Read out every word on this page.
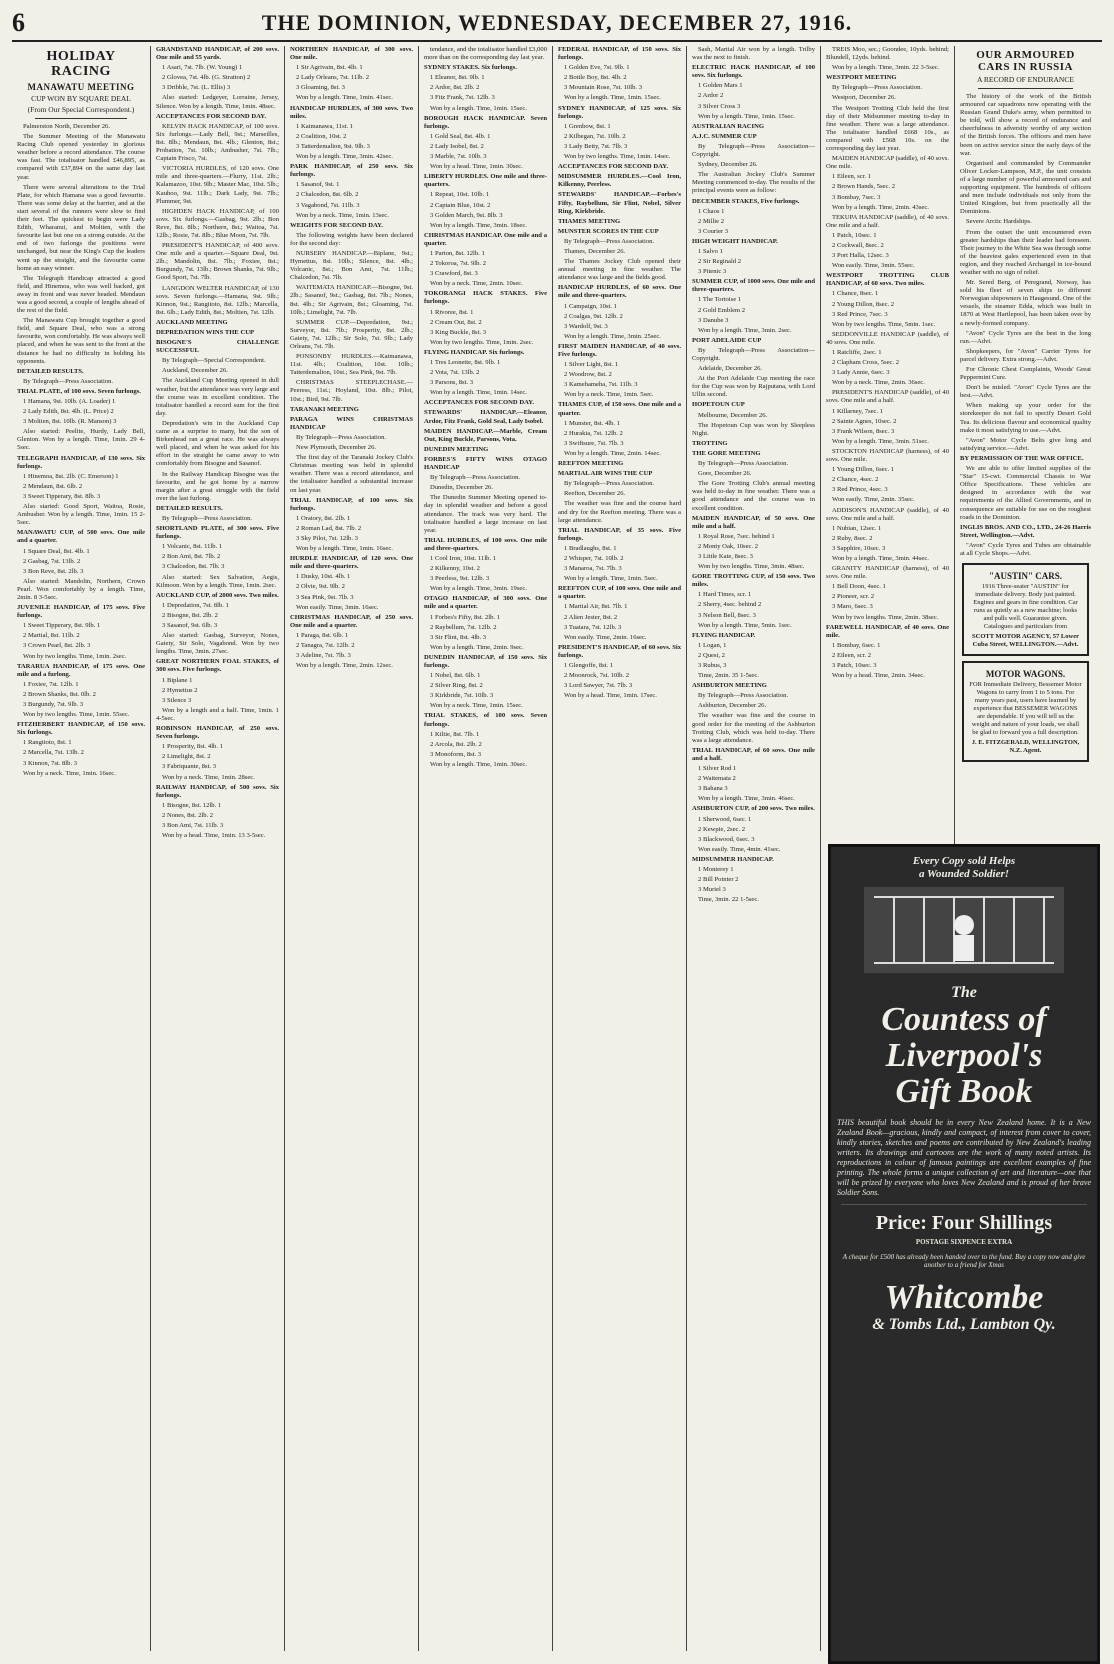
6	THE DOMINION, WEDNESDAY, DECEMBER 27, 1916.
HOLIDAY RACING
MANAWATU MEETING
CUP WON BY SQUARE DEAL
(From Our Special Correspondent.)

Palmerston North, December 26.

The Summer Meeting of the Manawatu Racing Club opened yesterday in glorious weather before a record attendance. The course was fast. The totalisator handled £46,895, as compared with £37,894 on the same day last year.

There were several alterations to the Trial Plate, for which Hamana was a good favourite. There was some delay at the barrier, and at the start several of the runners were slow to find their feet. The quickest to begin were Lady Edith, Wharanui, and Moltien, with the favourite last but one on a strong outside. At the end of two furlongs the positions were unchanged, but near the King's Cup the leaders went up the straight, and the favourite came home an easy winner.

The Telegraph Handicap attracted a good field, and Hinemoa, who was well backed, got away in front and was never headed. Mendaun was a good second, a couple of lengths ahead of the rest of the field.

The Manawatu Cup brought together a good field, and Square Deal, who was a strong favourite, won comfortably. He was always well placed, and when he was sent to the front at the distance he had no difficulty in holding his opponents.

DETAILED RESULTS.

By Telegraph—Press Association.

TRIAL PLATE, of 100 sovs. Seven furlongs.

1 Hamana, 9st. 10lb. (A. Loader) 1

2 Lady Edith, 8st. 4lb. (L. Price) 2

3 Moltien, 8st. 10lb. (R. Manson) 3

Also started: Peelite, Hurdy, Lady Bell, Glenton. Won by a length. Time, 1min. 29 4-5sec.

TELEGRAPH HANDICAP, of 130 sovs. Six furlongs.

1 Hinemoa, 8st. 2lb. (C. Emerson) 1

2 Mendaun, 8st. 6lb. 2

3 Sweet Tipperary, 8st. 8lb. 3

Also started: Good Sport, Waitoa, Rosie, Ambusher. Won by a length. Time, 1min. 15 2-5sec.

MANAWATU CUP, of 500 sovs. One mile and a quarter.

1 Square Deal, 8st. 4lb. 1

2 Gasbag, 7st. 13lb. 2

3 Bon Reve, 8st. 2lb. 3

Also started: Mandolin, Northern, Crown Pearl. Won comfortably by a length. Time, 2min. 8 3-5sec.

JUVENILE HANDICAP, of 175 sovs. Five furlongs.

1 Sweet Tipperary, 8st. 9lb. 1

2 Martial, 8st. 11lb. 2

3 Crown Pearl, 8st. 2lb. 3

Won by two lengths. Time, 1min. 2sec.

TARARUA HANDICAP, of 175 sovs. One mile and a furlong.

1 Foxiee, 7st. 12lb. 1

2 Brown Shanks, 8st. 0lb. 2

3 Burgundy, 7st. 9lb. 3

Won by two lengths. Time, 1min. 55sec.

FITZHERBERT HANDICAP, of 150 sovs. Six furlongs.

1 Rangitoto, 8st. 1

2 Marcella, 7st. 13lb. 2

3 Kinnon, 7st. 8lb. 3

Won by a neck. Time, 1min. 16sec.

GRANDSTAND HANDICAP, of 200 sovs. One mile and 55 yards.

1 Asari, 7st. 7lb. (W. Young) 1

2 Glovea, 7st. 4lb. (G. Stratton) 2

3 Dribble, 7st. (L. Ellis) 3

Also started: Ledgeyer, Lorraine, Jersey, Silence. Won by a length. Time, 1min. 48sec.

ACCEPTANCES FOR SECOND DAY.

KELVIN HACK HANDICAP, of 100 sovs. Six furlongs.—Lady Bell, 9st.; Marseilles, 8st. 8lb.; Mendaun, 8st. 4lb.; Glenton, 8st.; Probation, 7st. 10lb.; Ambusher, 7st. 7lb.; Captain Frisco, 7st.

VICTORIA HURDLES, of 120 sovs. One mile and three-quarters.—Flurry, 11st. 2lb.; Kalamazoo, 10st. 9lb.; Master Mac, 10st. 5lb.; Kauhoo, 9st. 11lb.; Dark Lady, 9st. 7lb.; Plummer, 9st.

HIGHDEN HACK HANDICAP, of 100 sovs. Six furlongs.—Gasbag, 9st. 2lb.; Bon Reve, 8st. 8lb.; Northern, 8st.; Waitoa, 7st. 12lb.; Rosie, 7st. 8lb.; Blue Moon, 7st. 7lb.

PRESIDENT'S HANDICAP, of 400 sovs. One mile and a quarter.—Square Deal, 9st. 2lb.; Mandolin, 8st. 7lb.; Foxiee, 8st.; Burgundy, 7st. 13lb.; Brown Shanks, 7st. 9lb.; Good Sport, 7st. 7lb.

LANGDON WELTER HANDICAP, of 130 sovs. Seven furlongs.—Hamana, 9st. 9lb.; Kinnon, 9st.; Rangitoto, 8st. 12lb.; Marcella, 8st. 6lb.; Lady Edith, 8st.; Moltien, 7st. 12lb.

AUCKLAND MEETING

DEPREDATION WINS THE CUP

BISOGNE'S CHALLENGE SUCCESSFUL

By Telegraph—Special Correspondent.

Auckland, December 26.

The Auckland Cup Meeting opened in dull weather, but the attendance was very large and the course was in excellent condition. The totalisator handled a record sum for the first day.

Depredation's win in the Auckland Cup came as a surprise to many, but the son of Birkenhead ran a great race. He was always well placed, and when he was asked for his effort in the straight he came away to win comfortably from Bisogne and Sasanof.

In the Railway Handicap Bisogne was the favourite, and he got home by a narrow margin after a great struggle with the field over the last furlong.

DETAILED RESULTS.

By Telegraph—Press Association.

SHORTLAND PLATE, of 300 sovs. Five furlongs.

1 Volcanic, 8st. 11lb. 1

2 Bon Ami, 8st. 7lb. 2

3 Chalcedon, 8st. 7lb. 3

Also started: Sex Salvation, Aegis, Kilmoon. Won by a length. Time, 1min. 2sec.

AUCKLAND CUP, of 2000 sovs. Two miles.

1 Depredation, 7st. 8lb. 1

2 Bisogne, 8st. 2lb. 2

3 Sasanof, 9st. 6lb. 3

Also started: Gasbag, Surveyor, Nones, Gaiety, Sir Solo, Vagabond. Won by two lengths. Time, 3min. 27sec.

GREAT NORTHERN FOAL STAKES, of 300 sovs. Five furlongs.

1 Biplane 1

2 Hymettus 2

3 Silence 3

Won by a length and a half. Time, 1min. 1 4-5sec.

ROBINSON HANDICAP, of 250 sovs. Seven furlongs.

1 Prosperity, 8st. 4lb. 1

2 Limelight, 8st. 2

3 Fabriquante, 8st. 3

Won by a neck. Time, 1min. 28sec.

RAILWAY HANDICAP, of 500 sovs. Six furlongs.

1 Bisogne, 8st. 12lb. 1

2 Nones, 8st. 2lb. 2

3 Bon Ami, 7st. 11lb. 3

Won by a head. Time, 1min. 13 3-5sec.

NORTHERN HANDICAP, of 300 sovs. One mile.

1 Sir Agrivain, 8st. 4lb. 1

2 Lady Orleans, 7st. 11lb. 2

3 Gloaming, 8st. 3

Won by a length. Time, 1min. 41sec.

HANDICAP HURDLES, of 300 sovs. Two miles.

1 Kaimanawa, 11st. 1

2 Coalition, 10st. 2

3 Tatterdemalion, 9st. 9lb. 3

Won by a length. Time, 3min. 42sec.

PARK HANDICAP, of 250 sovs. Six furlongs.

1 Sasanof, 9st. 1

2 Chalcedon, 8st. 6lb. 2

3 Vagabond, 7st. 11lb. 3

Won by a neck. Time, 1min. 13sec.

WEIGHTS FOR SECOND DAY.

The following weights have been declared for the second day:

NURSERY HANDICAP.—Biplane, 9st.; Hymettus, 8st. 10lb.; Silence, 8st. 4lb.; Volcanic, 8st.; Bon Ami, 7st. 11lb.; Chalcedon, 7st. 7lb.

WAITEMATA HANDICAP.—Bisogne, 9st. 2lb.; Sasanof, 9st.; Gasbag, 8st. 7lb.; Nones, 8st. 4lb.; Sir Agrivain, 8st.; Gloaming, 7st. 10lb.; Limelight, 7st. 7lb.

SUMMER CUP.—Depredation, 9st.; Surveyor, 8st. 7lb.; Prosperity, 8st. 2lb.; Gaiety, 7st. 12lb.; Sir Solo, 7st. 9lb.; Lady Orleans, 7st. 7lb.

PONSONBY HURDLES.—Kaimanawa, 11st. 4lb.; Coalition, 10st. 10lb.; Tatterdemalion, 10st.; Sea Pink, 9st. 7lb.

CHRISTMAS STEEPLECHASE.—Peeress, 11st.; Hoyland, 10st. 8lb.; Pilot, 10st.; Bird, 9st. 7lb.

TARANAKI MEETING

PARAGA WINS CHRISTMAS HANDICAP

By Telegraph—Press Association.

New Plymouth, December 26.

The first day of the Taranaki Jockey Club's Christmas meeting was held in splendid weather. There was a record attendance, and the totalisator handled a substantial increase on last year.

TRIAL HANDICAP, of 100 sovs. Six furlongs.

1 Oratory, 8st. 2lb. 1

2 Roman Lad, 8st. 7lb. 2

3 Sky Pilot, 7st. 12lb. 3

Won by a length. Time, 1min. 16sec.

HURDLE HANDICAP, of 120 sovs. One mile and three-quarters.

1 Dusky, 10st. 4lb. 1

2 Olvie, 9st. 9lb. 2

3 Sea Pink, 9st. 7lb. 3

Won easily. Time, 3min. 16sec.

CHRISTMAS HANDICAP, of 250 sovs. One mile and a quarter.

1 Paraga, 8st. 6lb. 1

2 Tanagra, 7st. 12lb. 2

3 Adeline, 7st. 7lb. 3

Won by a length. Time, 2min. 12sec.

tendance, and the totalisator handled £3,000 more than on the corresponding day last year.

SYDNEY STAKES. Six furlongs.

1 Eleanor, 8st. 9lb. 1

2 Ardor, 8st. 2lb. 2

3 Fitz Frank, 7st. 12lb. 3

Won by a length. Time, 1min. 15sec.

BOROUGH HACK HANDICAP. Seven furlongs.

1 Gold Seal, 8st. 4lb. 1

2 Lady Isobel, 8st. 2

3 Marble, 7st. 10lb. 3

Won by a head. Time, 1min. 30sec.

LIBERTY HURDLES. One mile and three-quarters.

1 Repeat, 10st. 10lb. 1

2 Captain Blue, 10st. 2

3 Golden March, 9st. 8lb. 3

Won by a length. Time, 3min. 18sec.

CHRISTMAS HANDICAP. One mile and a quarter.

1 Parton, 8st. 12lb. 1

2 Tokoroa, 7st. 9lb. 2

3 Crawford, 8st. 3

Won by a neck. Time, 2min. 10sec.

TOKORANGI HACK STAKES. Five furlongs.

1 Rivoree, 8st. 1

2 Cream Out, 8st. 2

3 King Buckle, 8st. 3

Won by two lengths. Time, 1min. 2sec.

FLYING HANDICAP. Six furlongs.

1 Tres Leonette, 8st. 9lb. 1

2 Vota, 7st. 13lb. 2

3 Parsons, 8st. 3

Won by a length. Time, 1min. 14sec.

ACCEPTANCES FOR SECOND DAY.

STEWARDS' HANDICAP.—Eleanor, Ardor, Fitz Frank, Gold Seal, Lady Isobel.

MAIDEN HANDICAP.—Marble, Cream Out, King Buckle, Parsons, Vota.

DUNEDIN MEETING

FORBES'S FIFTY WINS OTAGO HANDICAP

By Telegraph—Press Association.

Dunedin, December 26.

The Dunedin Summer Meeting opened to-day in splendid weather and before a good attendance. The track was very hard. The totalisator handled a large increase on last year.

TRIAL HURDLES, of 100 sovs. One mile and three-quarters.

1 Cool Iron, 10st. 11lb. 1

2 Kilkenny, 10st. 2

3 Peerless, 9st. 12lb. 3

Won by a length. Time, 3min. 19sec.

OTAGO HANDICAP, of 300 sovs. One mile and a quarter.

1 Forbes's Fifty, 8st. 2lb. 1

2 Raybellum, 7st. 12lb. 2

3 Sir Flint, 8st. 4lb. 3

Won by a length. Time, 2min. 9sec.

DUNEDIN HANDICAP, of 150 sovs. Six furlongs.

1 Nobel, 8st. 6lb. 1

2 Silver Ring, 8st. 2

3 Kirkbride, 7st. 10lb. 3

Won by a neck. Time, 1min. 15sec.

TRIAL STAKES, of 100 sovs. Seven furlongs.

1 Kiltie, 8st. 7lb. 1

2 Arcola, 8st. 2lb. 2

3 Monoform, 8st. 3

Won by a length. Time, 1min. 30sec.

FEDERAL HANDICAP, of 150 sovs. Six furlongs.

1 Golden Eve, 7st. 9lb. 1

2 Bottle Boy, 8st. 4lb. 2

3 Mountain Rose, 7st. 10lb. 3

Won by a length. Time, 1min. 15sec.

SYDNEY HANDICAP, of 125 sovs. Six furlongs.

1 Grenbow, 8st. 1

2 Kilbegan, 7st. 10lb. 2

3 Lady Betty, 7st. 7lb. 3

Won by two lengths. Time, 1min. 14sec.

ACCEPTANCES FOR SECOND DAY.

MIDSUMMER HURDLES.—Cool Iron, Kilkenny, Peerless.

STEWARDS' HANDICAP.—Forbes's Fifty, Raybellum, Sir Flint, Nobel, Silver Ring, Kirkbride.

THAMES MEETING

MUNSTER SCORES IN THE CUP

By Telegraph—Press Association.

Thames, December 26.

The Thames Jockey Club opened their annual meeting in fine weather. The attendance was large and the fields good.

HANDICAP HURDLES, of 60 sovs. One mile and three-quarters.

1 Campaign, 10st. 1

2 Coalgas, 9st. 12lb. 2

3 Wardolf, 9st. 3

Won by a length. Time, 3min. 25sec.

FIRST MAIDEN HANDICAP, of 40 sovs. Five furlongs.

1 Silver Light, 8st. 1

2 Woodrow, 8st. 2

3 Kamehameha, 7st. 11lb. 3

Won by a neck. Time, 1min. 5sec.

THAMES CUP, of 150 sovs. One mile and a quarter.

1 Munster, 8st. 4lb. 1

2 Hurakia, 7st. 12lb. 2

3 Swiftsure, 7st. 7lb. 3

Won by a length. Time, 2min. 14sec.

REEFTON MEETING

MARTIAL AIR WINS THE CUP

By Telegraph—Press Association.

Reefton, December 26.

The weather was fine and the course hard and dry for the Reefton meeting. There was a large attendance.

TRIAL HANDICAP, of 35 sovs. Five furlongs.

1 Bradlaughs, 8st. 1

2 Whisper, 7st. 10lb. 2

3 Manaroa, 7st. 7lb. 3

Won by a length. Time, 1min. 5sec.

REEFTON CUP, of 100 sovs. One mile and a quarter.

1 Martial Air, 8st. 7lb. 1

2 Alien Jester, 8st. 2

3 Tuatara, 7st. 12lb. 3

Won easily. Time, 2min. 16sec.

PRESIDENT'S HANDICAP, of 60 sovs. Six furlongs.

1 Glengoffe, 8st. 1

2 Moonrock, 7st. 10lb. 2

3 Lord Sawyer, 7st. 7lb. 3

Won by a head. Time, 1min. 17sec.

Sash, Martial Air won by a length. Trilby was the next to finish.

ELECTRIC HACK HANDICAP, of 100 sovs. Six furlongs.

1 Golden Mars 1

2 Ardor 2

3 Silver Cross 3

Won by a length. Time, 1min. 15sec.

AUSTRALIAN RACING

A.J.C. SUMMER CUP

By Telegraph—Press Association—Copyright.

Sydney, December 26.

The Australian Jockey Club's Summer Meeting commenced to-day. The results of the principal events were as follow:

DECEMBER STAKES, Five furlongs.

1 Chaos 1

2 Millie 2

3 Courier 3

HIGH WEIGHT HANDICAP.

1 Salvo 1

2 Sir Reginald 2

3 Pitenic 3

SUMMER CUP, of 1000 sovs. One mile and three-quarters.

1 The Tortoise 1

2 Gold Emblem 2

3 Danube 3

Won by a length. Time, 3min. 2sec.

PORT ADELAIDE CUP

By Telegraph—Press Association—Copyright.

Adelaide, December 26.

At the Port Adelaide Cup meeting the race for the Cup was won by Rajputana, with Lord Ullin second.

HOPETOUN CUP

Melbourne, December 26.

The Hopetoun Cup was won by Sleepless Night.

TROTTING

THE GORE MEETING

By Telegraph—Press Association.

Gore, December 26.

The Gore Trotting Club's annual meeting was held to-day in fine weather. There was a good attendance and the course was in excellent condition.

MAIDEN HANDICAP, of 50 sovs. One mile and a half.

1 Royal Rose, 7sec. behind 1

2 Monty Oak, 10sec. 2

3 Little Kate, 8sec. 3

Won by two lengths. Time, 3min. 48sec.

GORE TROTTING CUP, of 150 sovs. Two miles.

1 Hard Times, scr. 1

2 Sherry, 4sec. behind 2

3 Nelson Bell, 8sec. 3

Won by a length. Time, 5min. 1sec.

FLYING HANDICAP.

1 Logan, 1

2 Quest, 2

3 Rubus, 3

Time, 2min. 35 1-5sec.

ASHBURTON MEETING

By Telegraph—Press Association.

Ashburton, December 26.

The weather was fine and the course in good order for the meeting of the Ashburton Trotting Club, which was held to-day. There was a large attendance.

TRIAL HANDICAP, of 60 sovs. One mile and a half.

1 Silver Rod 1

2 Waitemata 2

3 Bahana 3

Won by a length. Time, 3min. 46sec.

ASHBURTON CUP, of 200 sovs. Two miles.

1 Sherwood, 6sec. 1

2 Kewpie, 2sec. 2

3 Blackwood, 6sec. 3

Won easily. Time, 4min. 41sec.

MIDSUMMER HANDICAP.

1 Monterey 1

2 Bill Pointer 2

3 Muriel 3

Time, 3min. 22 1-5sec.

TREIS Moo, sec.; Goondee, 10yds. behind; Blundell, 12yds. behind.

Won by a length. Time, 3min. 22 3-5sec.

WESTPORT MEETING

By Telegraph—Press Association.

Westport, December 26.

The Westport Trotting Club held the first day of their Midsummer meeting to-day in fine weather. There was a large attendance. The totalisator handled £668 10s., as compared with £568 10s. on the corresponding day last year.

MAIDEN HANDICAP (saddle), of 40 sovs. One mile.

1 Eileen, scr. 1

2 Brown Hands, 5sec. 2

3 Bombay, 7sec. 3

Won by a length. Time, 2min. 43sec.

TEKUPA HANDICAP (saddle), of 40 sovs. One mile and a half.

1 Patch, 10sec. 1

2 Cockwall, 8sec. 2

3 Port Halla, 12sec. 3

Won easily. Time, 3min. 55sec.

WESTPORT TROTTING CLUB HANDICAP, of 60 sovs. Two miles.

1 Chance, 8sec. 1

2 Young Dillon, 8sec. 2

3 Red Prince, 7sec. 3

Won by two lengths. Time, 5min. 1sec.

SEDDONVILLE HANDICAP (saddle), of 40 sovs. One mile.

1 Ratcliffe, 2sec. 1

2 Clapham Cross, 5sec. 2

3 Lady Annie, 6sec. 3

Won by a neck. Time, 2min. 36sec.

PRESIDENT'S HANDICAP (saddle), of 40 sovs. One mile and a half.

1 Killarney, 7sec. 1

2 Sainte Agnes, 10sec. 2

3 Frank Wilson, 8sec. 3

Won by a length. Time, 3min. 51sec.

STOCKTON HANDICAP (harness), of 40 sovs. One mile.

1 Young Dillon, 6sec. 1

2 Chance, 4sec. 2

3 Red Prince, 4sec. 3

Won easily. Time, 2min. 35sec.

ADDISON'S HANDICAP (saddle), of 40 sovs. One mile and a half.

1 Nubian, 12sec. 1

2 Ruby, 8sec. 2

3 Sapphire, 10sec. 3

Won by a length. Time, 3min. 44sec.

GRANITY HANDICAP (harness), of 40 sovs. One mile.

1 Bell Doon, 4sec. 1

2 Pioneer, scr. 2

3 Maro, 6sec. 3

Won by two lengths. Time, 2min. 38sec.

FAREWELL HANDICAP, of 40 sovs. One mile.

1 Bombay, 6sec. 1

2 Eileen, scr. 2

3 Patch, 10sec. 3

Won by a head. Time, 2min. 34sec.

OUR ARMOURED CARS IN RUSSIA
A RECORD OF ENDURANCE

The history of the work of the British armoured car squadrons now operating with the Russian Grand Duke's army, when permitted to be told, will show a record of endurance and cheerfulness in adversity worthy of any section of the British forces. The officers and men have been on active service since the early days of the war.

Organised and commanded by Commander Oliver Locker-Lampson, M.P., the unit consists of a large number of powerful armoured cars and supporting equipment. The hundreds of officers and men include individuals not only from the United Kingdom, but from practically all the Dominions.

Severe Arctic Hardships.

From the outset the unit encountered even greater hardships than their leader had foreseen. Their journey to the White Sea was through some of the heaviest gales experienced even in that region, and they reached Archangel in ice-bound weather with no sign of relief.

Mr. Sered Berg, of Peregrand, Norway, has sold his fleet of seven ships to different Norwegian shipowners in Haugesund. One of the vessels, the steamer Edda, which was built in 1870 at West Hartlepool, has been taken over by a newly-formed company.

"Avon" Cycle Tyres are the best in the long run.—Advt.

Shopkeepers, for "Avon" Carrier Tyres for parcel delivery. Extra strong.—Advt.

For Chronic Chest Complaints, Woods' Great Peppermint Cure.

Don't be misled. "Avon" Cycle Tyres are the best.—Advt.

When making up your order for the storekeeper do not fail to specify Desert Gold Tea. Its delicious flavour and economical quality make it most satisfying to use.—Advt.

"Avon" Motor Cycle Belts give long and satisfying service.—Advt.

BY PERMISSION OF THE WAR OFFICE.

We are able to offer limited supplies of the "Star" 15-cwt. Commercial Chassis to War Office Specifications. These vehicles are designed in accordance with the war requirements of the Allied Governments, and in consequence are suitable for use on the roughest roads in the Dominion.

INGLIS BROS. AND CO., LTD., 24-26 Harris Street, Wellington.—Advt.

"Avon" Cycle Tyres and Tubes are obtainable at all Cycle Shops.—Advt.

"AUSTIN" CARS.
1916 Three-seater "AUSTIN" for immediate delivery. Body just painted. Engines and gears in fine condition. Car runs as quietly as a new machine; looks and pulls well. Guarantee given. Catalogues and particulars from
SCOTT MOTOR AGENCY, 57 Lower Cuba Street, WELLINGTON.—Advt.
MOTOR WAGONS.
FOR Immediate Delivery, Bessemer Motor Wagons to carry from 1 to 5 tons. For many years past, users have learned by experience that BESSEMER WAGONS are dependable. If you will tell us the weight and nature of your loads, we shall be glad to forward you a full description.
J. E. FITZGERALD, WELLINGTON, N.Z. Agent.
Every Copy sold Helps
a Wounded Soldier!
The
Countess of
Liverpool's
Gift Book
THIS beautiful book should be in every New Zealand home. It is a New Zealand Book—gracious, kindly and compact, of interest from cover to cover, kindly stories, sketches and poems are contributed by New Zealand's leading writers. Its drawings and cartoons are the work of many noted artists. Its reproductions in colour of famous paintings are excellent examples of fine printing. The whole forms a unique collection of art and literature—one that will be prized by everyone who loves New Zealand and is proud of her brave Soldier Sons.
Price: Four Shillings
POSTAGE SIXPENCE EXTRA
A cheque for £500 has already been handed over to the fund. Buy a copy now and give another to a friend for Xmas
Whitcombe
& Tombs Ltd., Lambton Qy.
